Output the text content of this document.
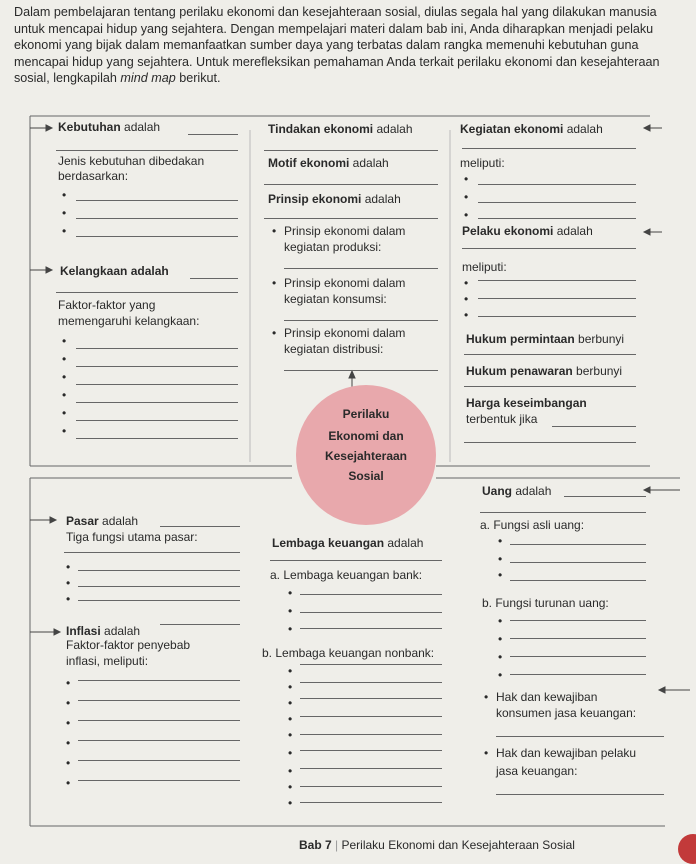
Dalam pembelajaran tentang perilaku ekonomi dan kesejahteraan sosial, diulas segala hal yang dilakukan manusia untuk mencapai hidup yang sejahtera. Dengan mempelajari materi dalam bab ini, Anda diharapkan menjadi pelaku ekonomi yang bijak dalam memanfaatkan sumber daya yang terbatas dalam rangka memenuhi kebutuhan guna mencapai hidup yang sejahtera. Untuk merefleksikan pemahaman Anda terkait perilaku ekonomi dan kesejahteraan sosial, lengkapilah mind map berikut.

Kebutuhan adalah
Jenis kebutuhan dibedakan
berdasarkan:
•
•
•
Kelangkaan adalah
Faktor-faktor yang
memengaruhi kelangkaan:
•
•
•
•
•
•
Tindakan ekonomi adalah
Motif ekonomi adalah
Prinsip ekonomi adalah
• Prinsip ekonomi dalam
kegiatan produksi:
• Prinsip ekonomi dalam
kegiatan konsumsi:
• Prinsip ekonomi dalam
kegiatan distribusi:
Kegiatan ekonomi adalah
meliputi:
•
•
•
Pelaku ekonomi adalah
meliputi:
•
•
•
Hukum permintaan berbunyi
Hukum penawaran berbunyi
Harga keseimbangan
terbentuk jika
Perilaku
Ekonomi dan
Kesejahteraan
Sosial
Pasar adalah
Tiga fungsi utama pasar:
•
•
•
Inflasi adalah
Faktor-faktor penyebab
inflasi, meliputi:
•
•
•
•
•
•
Lembaga keuangan adalah
a. Lembaga keuangan bank:
•
•
•
b. Lembaga keuangan nonbank:
•
•
•
•
•
•
•
•
•
Uang adalah
a. Fungsi asli uang:
•
•
•
b. Fungsi turunan uang:
•
•
•
•
• Hak dan kewajiban
konsumen jasa keuangan:
• Hak dan kewajiban pelaku
jasa keuangan:
Bab 7 | Perilaku Ekonomi dan Kesejahteraan Sosial
